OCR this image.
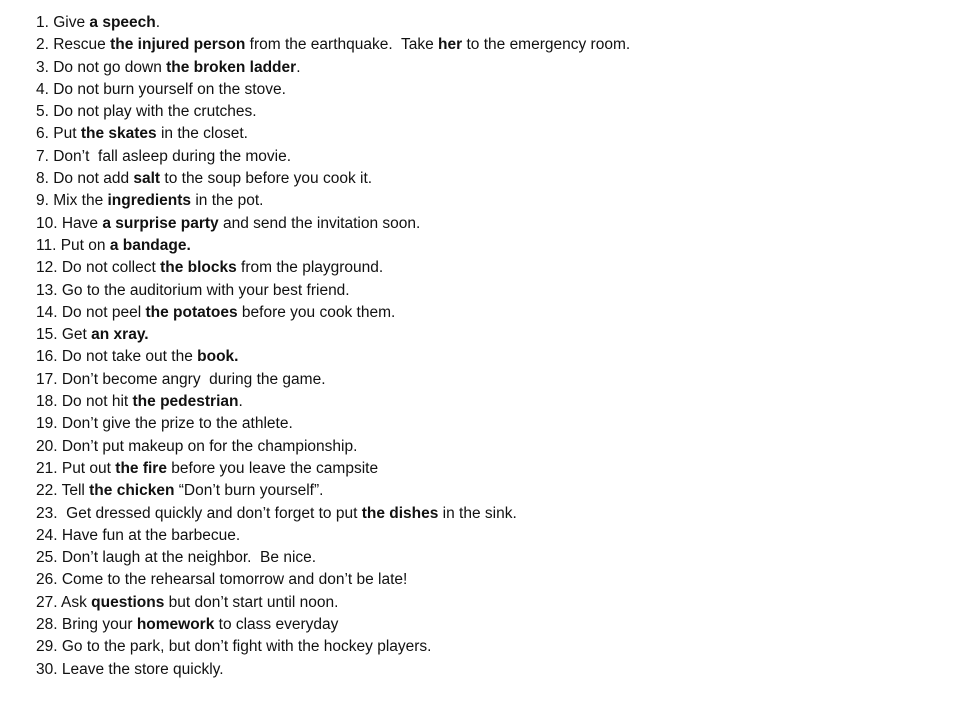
1. Give a speech.
2. Rescue the injured person from the earthquake.  Take her to the emergency room.
3. Do not go down the broken ladder.
4. Do not burn yourself on the stove.
5. Do not play with the crutches.
6. Put the skates in the closet.
7. Don’t  fall asleep during the movie.
8. Do not add salt to the soup before you cook it.
9. Mix the ingredients in the pot.
10. Have a surprise party and send the invitation soon.
11. Put on a bandage.
12. Do not collect the blocks from the playground.
13. Go to the auditorium with your best friend.
14. Do not peel the potatoes before you cook them.
15. Get an xray.
16. Do not take out the book.
17. Don’t become angry  during the game.
18. Do not hit the pedestrian.
19. Don’t give the prize to the athlete.
20. Don’t put makeup on for the championship.
21. Put out the fire before you leave the campsite
22. Tell the chicken “Don’t burn yourself”.
23.  Get dressed quickly and don’t forget to put the dishes in the sink.
24. Have fun at the barbecue.
25. Don’t laugh at the neighbor.  Be nice.
26. Come to the rehearsal tomorrow and don’t be late!
27. Ask questions but don’t start until noon.
28. Bring your homework to class everyday
29. Go to the park, but don’t fight with the hockey players.
30. Leave the store quickly.
